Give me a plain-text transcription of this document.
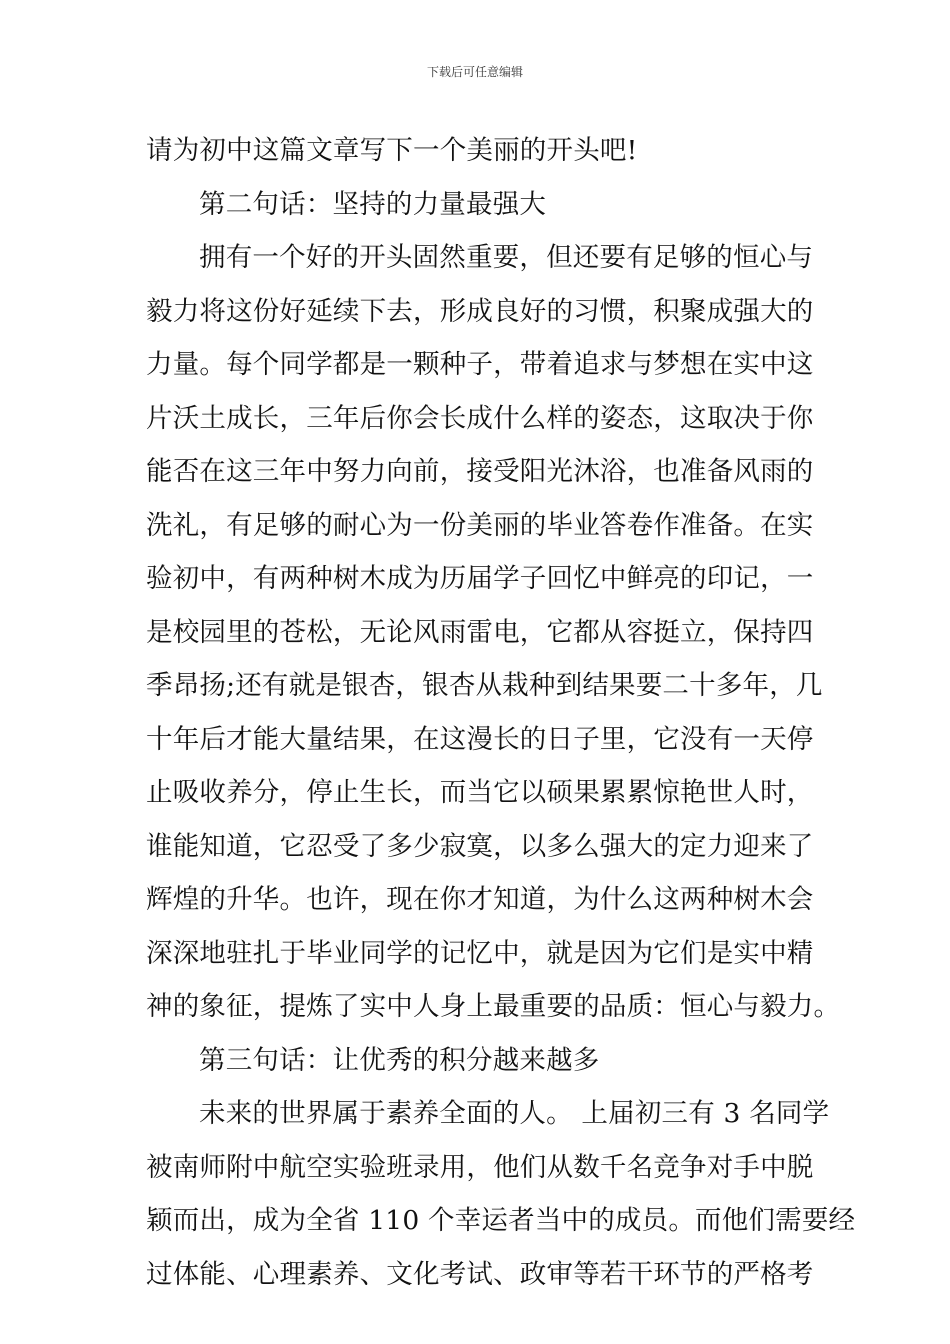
下载后可任意编辑
请为初中这篇文章写下一个美丽的开头吧!
第二句话：坚持的力量最强大
拥有一个好的开头固然重要，但还要有足够的恒心与
毅力将这份好延续下去，形成良好的习惯，积聚成强大的
力量。每个同学都是一颗种子，带着追求与梦想在实中这
片沃土成长，三年后你会长成什么样的姿态，这取决于你
能否在这三年中努力向前，接受阳光沐浴，也准备风雨的
洗礼，有足够的耐心为一份美丽的毕业答卷作准备。在实
验初中，有两种树木成为历届学子回忆中鲜亮的印记，一
是校园里的苍松，无论风雨雷电，它都从容挺立，保持四
季昂扬;还有就是银杏，银杏从栽种到结果要二十多年，几
十年后才能大量结果，在这漫长的日子里，它没有一天停
止吸收养分，停止生长，而当它以硕果累累惊艳世人时，
谁能知道，它忍受了多少寂寞，以多么强大的定力迎来了
辉煌的升华。也许，现在你才知道，为什么这两种树木会
深深地驻扎于毕业同学的记忆中，就是因为它们是实中精
神的象征，提炼了实中人身上最重要的品质：恒心与毅力。
第三句话：让优秀的积分越来越多
未来的世界属于素养全面的人。 上届初三有 3 名同学
被南师附中航空实验班录用，他们从数千名竞争对手中脱
颖而出，成为全省 110 个幸运者当中的成员。而他们需要经
过体能、心理素养、文化考试、政审等若干环节的严格考
